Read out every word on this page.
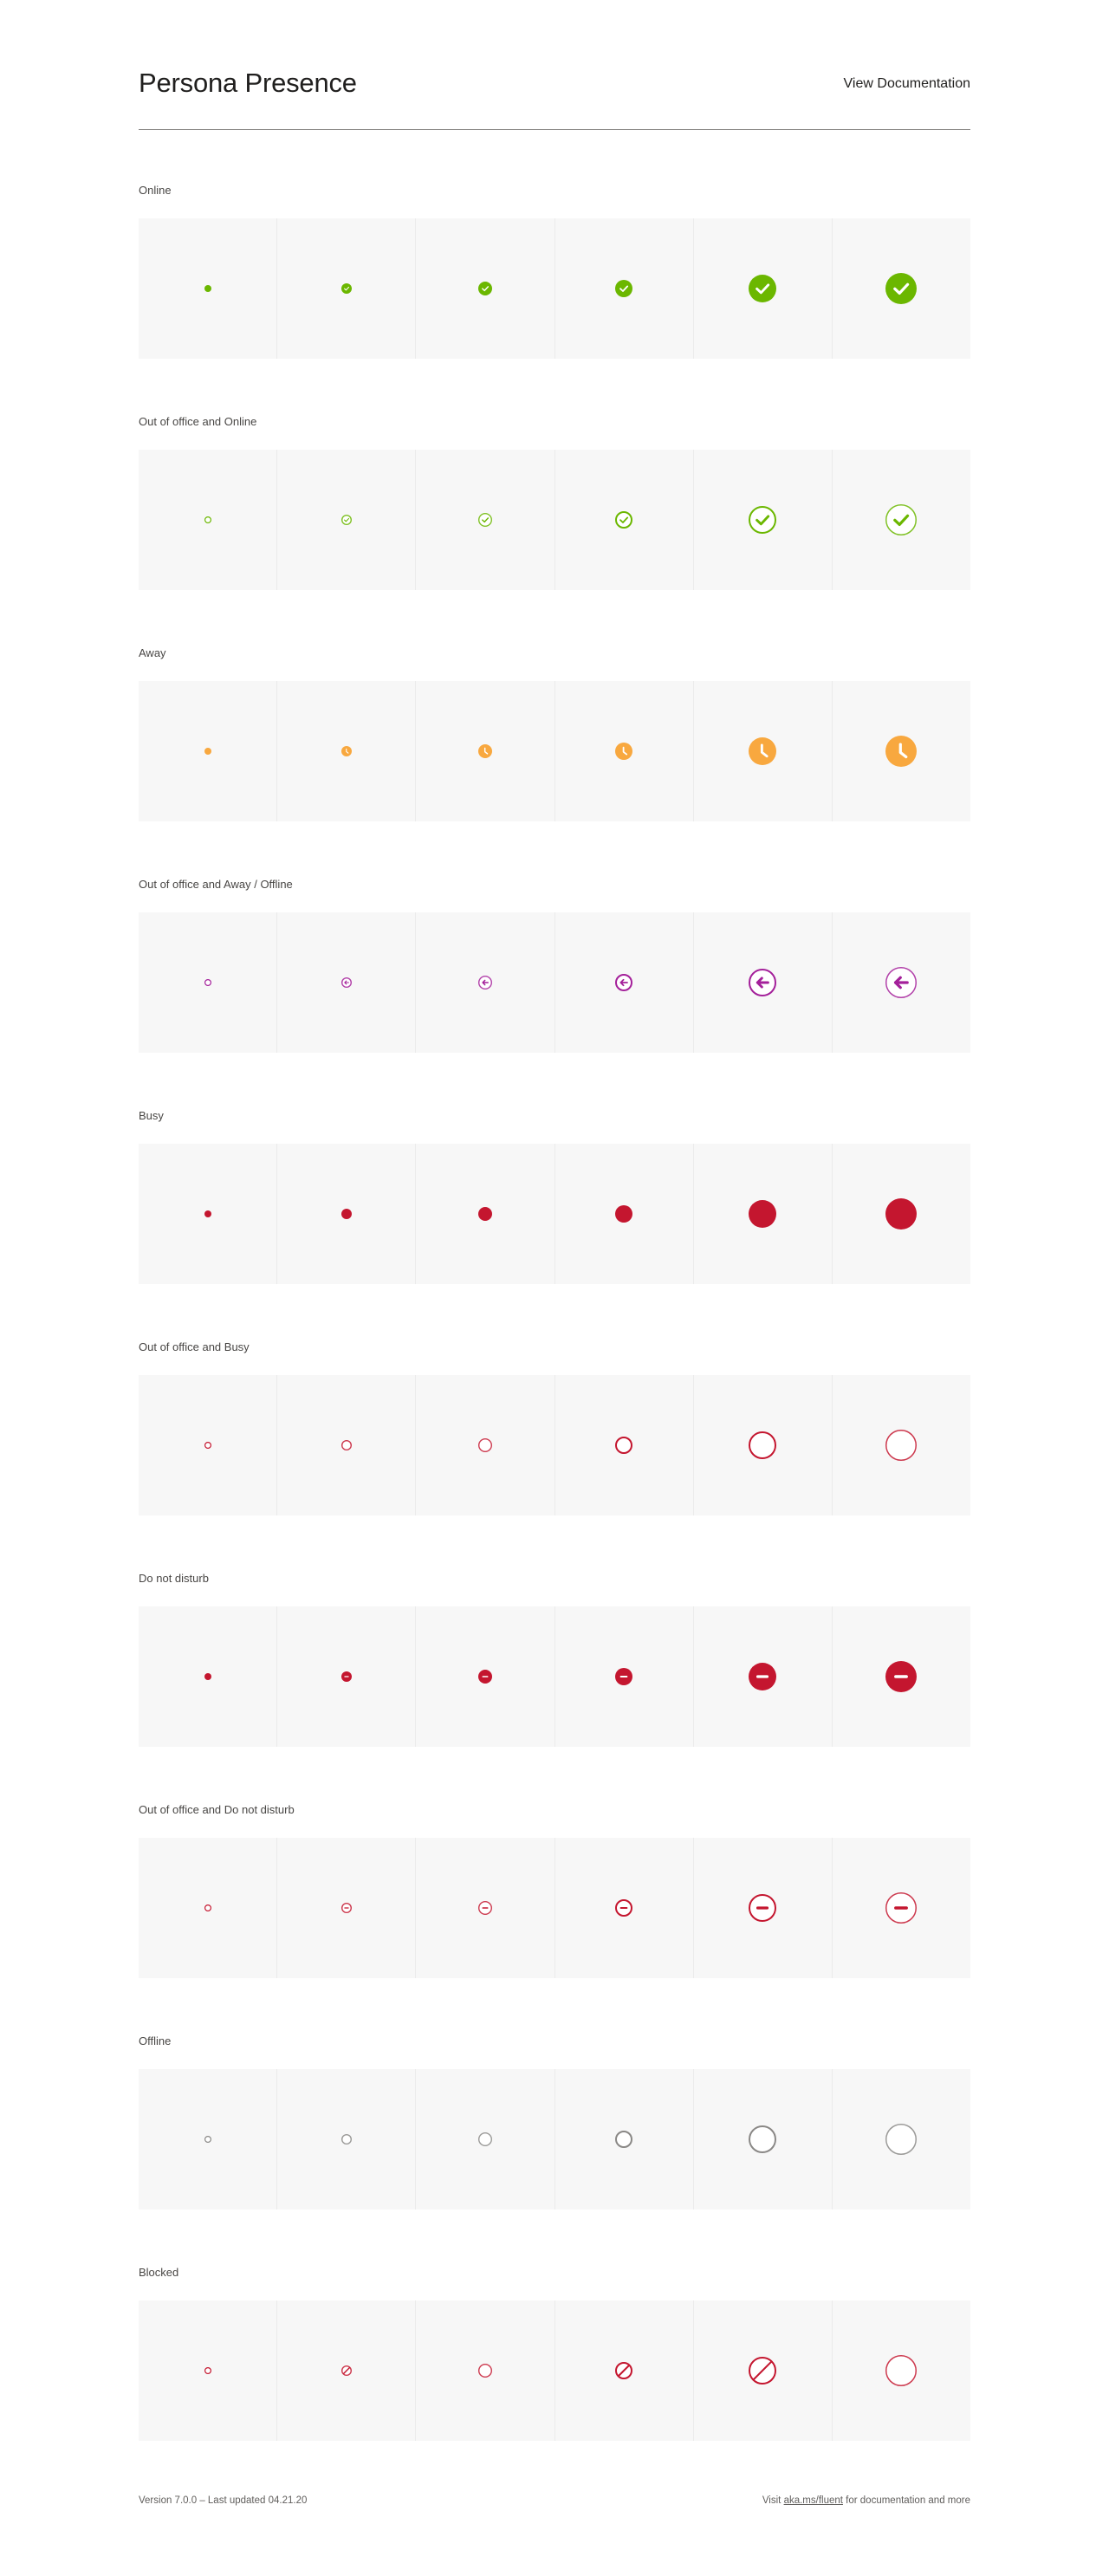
Persona Presence	View Documentation
Online
Out of office and Online
Away
Out of office and Away / Offline
Busy
Out of office and Busy
Do not disturb
Out of office and Do not disturb
Offline
Blocked
Version 7.0.0 – Last updated 04.21.20	Visit aka.ms/fluent for documentation and more
